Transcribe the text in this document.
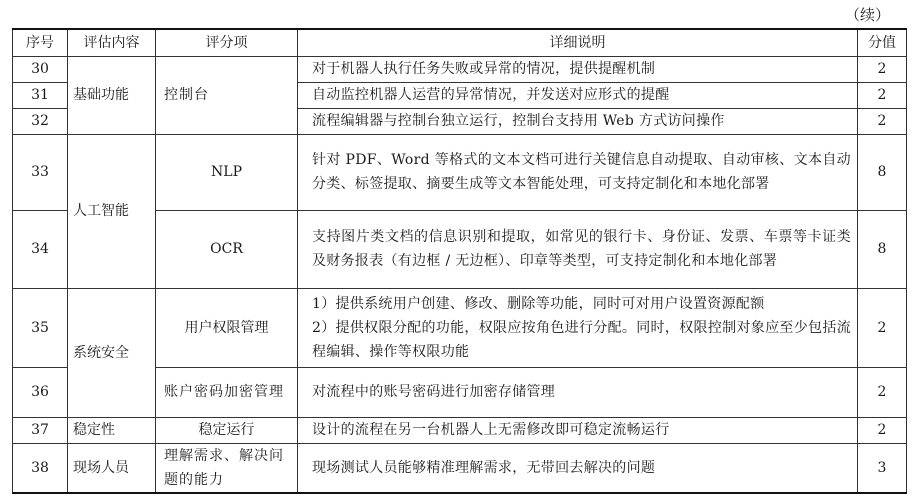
（续）
序号	评估内容	评分项	详细说明	分值
30	基础功能	控制台	对于机器人执行任务失败或异常的情况，提供提醒机制	2
31			自动监控机器人运营的异常情况，并发送对应形式的提醒	2
32			流程编辑器与控制台独立运行，控制台支持用 Web 方式访问操作	2
33	人工智能	NLP	针对 PDF、Word 等格式的文本文档可进行关键信息自动提取、自动审核、文本自动分类、标签提取、摘要生成等文本智能处理，可支持定制化和本地化部署	8
34		OCR	支持图片类文档的信息识别和提取，如常见的银行卡、身份证、发票、车票等卡证类及财务报表（有边框 / 无边框）、印章等类型，可支持定制化和本地化部署	8
35	系统安全	用户权限管理	1）提供系统用户创建、修改、删除等功能，同时可对用户设置资源配额
2）提供权限分配的功能，权限应按角色进行分配。同时，权限控制对象应至少包括流程编辑、操作等权限功能	2
36		账户密码加密管理	对流程中的账号密码进行加密存储管理	2
37	稳定性	稳定运行	设计的流程在另一台机器人上无需修改即可稳定流畅运行	2
38	现场人员	理解需求、解决问题的能力	现场测试人员能够精准理解需求，无带回去解决的问题	3
